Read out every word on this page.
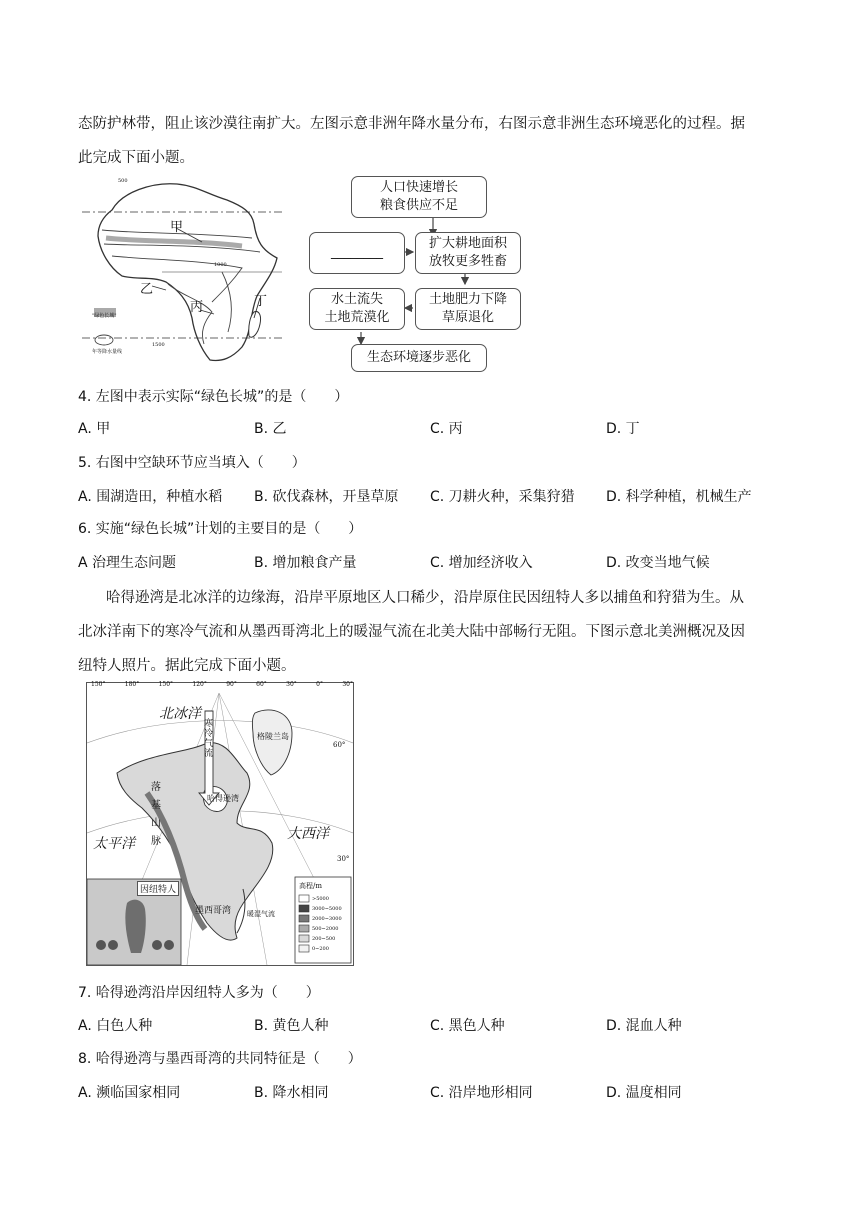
态防护林带，阻止该沙漠往南扩大。左图示意非洲年降水量分布，右图示意非洲生态环境恶化的过程。据
此完成下面小题。
甲
乙
丙	丁
500
1000
1500
"绿色长城"
年等降水量线
人口快速增长
粮食供应不足
________
扩大耕地面积
放牧更多牲畜
土地肥力下降
草原退化
水土流失
土地荒漠化
生态环境逐步恶化
4. 左图中表示实际“绿色长城”的是（　　）
A. 甲	B. 乙	C. 丙	D. 丁
5. 右图中空缺环节应当填入（　　）
A. 围湖造田，种植水稻 B. 砍伐森林，开垦草原 C. 刀耕火种，采集狩猎 D. 科学种植，机械生产
6. 实施“绿色长城”计划的主要目的是（　　）
A 治理生态问题	B. 增加粮食产量	C. 增加经济收入	D. 改变当地气候
哈得逊湾是北冰洋的边缘海，沿岸平原地区人口稀少，沿岸原住民因纽特人多以捕鱼和狩猎为生。从
北冰洋南下的寒冷气流和从墨西哥湾北上的暖湿气流在北美大陆中部畅行无阻。下图示意北美洲概况及因
纽特人照片。据此完成下面小题。
150°	180°	150°	120°	90°	60°	30°	0°	30°
北冰洋
寒冷气流
格陵兰岛
哈得逊湾
落基山脉
太平洋
大西洋
墨西哥湾 暖湿气流
60°
30°
因纽特人	高程/m
>5000
3000~5000
2000~3000
500~2000
200~500
0~200
7. 哈得逊湾沿岸因纽特人多为（　　）
A. 白色人种	B. 黄色人种	C. 黑色人种	D. 混血人种
8. 哈得逊湾与墨西哥湾的共同特征是（　　）
A. 濒临国家相同	B. 降水相同	C. 沿岸地形相同	D. 温度相同
